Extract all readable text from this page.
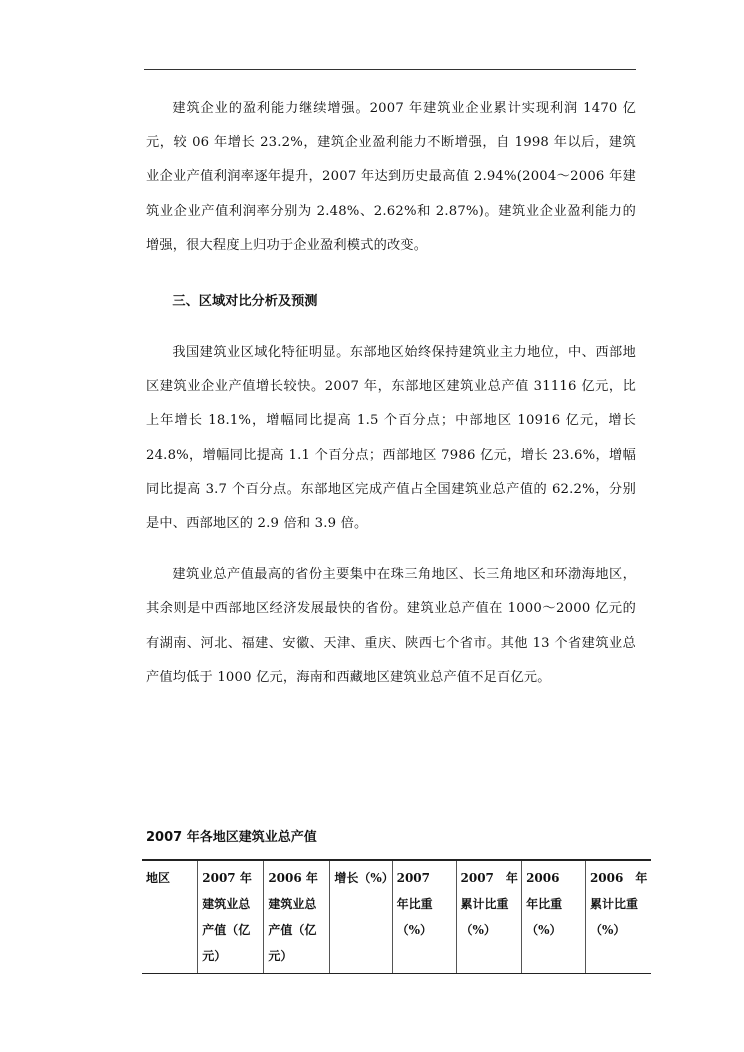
建筑企业的盈利能力继续增强。2007 年建筑业企业累计实现利润 1470 亿元，较 06 年增长 23.2%，建筑企业盈利能力不断增强，自 1998 年以后，建筑业企业产值利润率逐年提升，2007 年达到历史最高值 2.94%(2004～2006 年建筑业企业产值利润率分别为 2.48%、2.62%和 2.87%)。建筑业企业盈利能力的增强，很大程度上归功于企业盈利模式的改变。

三、区域对比分析及预测

我国建筑业区域化特征明显。东部地区始终保持建筑业主力地位，中、西部地区建筑业企业产值增长较快。2007 年，东部地区建筑业总产值 31116 亿元，比上年增长 18.1%，增幅同比提高 1.5 个百分点；中部地区 10916 亿元，增长 24.8%，增幅同比提高 1.1 个百分点；西部地区 7986 亿元，增长 23.6%，增幅同比提高 3.7 个百分点。东部地区完成产值占全国建筑业总产值的 62.2%，分别是中、西部地区的 2.9 倍和 3.9 倍。

建筑业总产值最高的省份主要集中在珠三角地区、长三角地区和环渤海地区，其余则是中西部地区经济发展最快的省份。建筑业总产值在 1000～2000 亿元的有湖南、河北、福建、安徽、天津、重庆、陕西七个省市。其他 13 个省建筑业总产值均低于 1000 亿元，海南和西藏地区建筑业总产值不足百亿元。

2007 年各地区建筑业总产值

地区	2007 年建筑业总产值（亿元）	2006 年建筑业总产值（亿元）	增长（%）	2007　年比重（%）	2007　年累计比重（%）	2006　年比重（%）	2006　年累计比重（%）
